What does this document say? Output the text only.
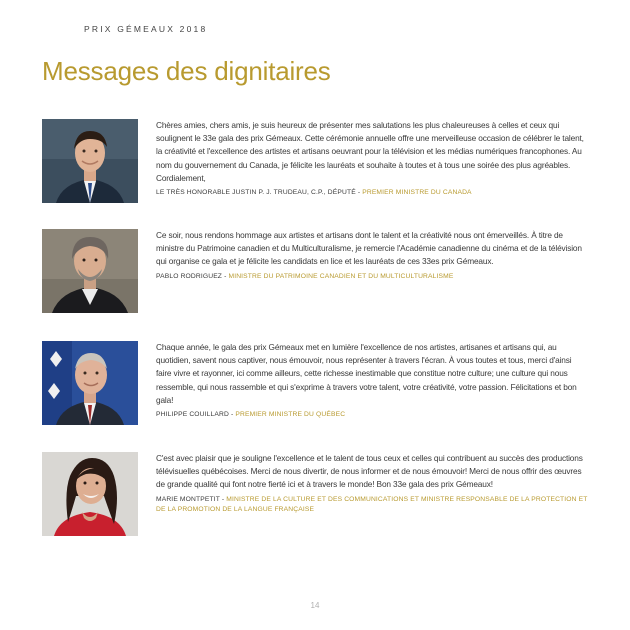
PRIX GÉMEAUX 2018
Messages des dignitaires

Chères amies, chers amis, je suis heureux de présenter mes salutations les plus chaleureuses à celles et ceux qui soulignent le 33e gala des prix Gémeaux. Cette cérémonie annuelle offre une merveilleuse occasion de célébrer le talent, la créativité et l'excellence des artistes et artisans oeuvrant pour la télévision et les médias numériques francophones. Au nom du gouvernement du Canada, je félicite les lauréats et souhaite à toutes et à tous une soirée des plus agréables. Cordialement,

LE TRÈS HONORABLE JUSTIN P. J. TRUDEAU, C.P., DÉPUTÉ - PREMIER MINISTRE DU CANADA

Ce soir, nous rendons hommage aux artistes et artisans dont le talent et la créativité nous ont émerveillés. À titre de ministre du Patrimoine canadien et du Multiculturalisme, je remercie l'Académie canadienne du cinéma et de la télévision qui organise ce gala et je félicite les candidats en lice et les lauréats de ces 33es prix Gémeaux.

PABLO RODRIGUEZ - MINISTRE DU PATRIMOINE CANADIEN ET DU MULTICULTURALISME

Chaque année, le gala des prix Gémeaux met en lumière l'excellence de nos artistes, artisanes et artisans qui, au quotidien, savent nous captiver, nous émouvoir, nous représenter à travers l'écran. À vous toutes et tous, merci d'ainsi faire vivre et rayonner, ici comme ailleurs, cette richesse inestimable que constitue notre culture; une culture qui nous ressemble, qui nous rassemble et qui s'exprime à travers votre talent, votre créativité, votre passion. Félicitations et bon gala!

PHILIPPE COUILLARD - PREMIER MINISTRE DU QUÉBEC

C'est avec plaisir que je souligne l'excellence et le talent de tous ceux et celles qui contribuent au succès des productions télévisuelles québécoises. Merci de nous divertir, de nous informer et de nous émouvoir! Merci de nous offrir des œuvres de grande qualité qui font notre fierté ici et à travers le monde! Bon 33e gala des prix Gémeaux!

MARIE MONTPETIT - MINISTRE DE LA CULTURE ET DES COMMUNICATIONS ET MINISTRE RESPONSABLE DE LA PROTECTION ET DE LA PROMOTION DE LA LANGUE FRANÇAISE
14
